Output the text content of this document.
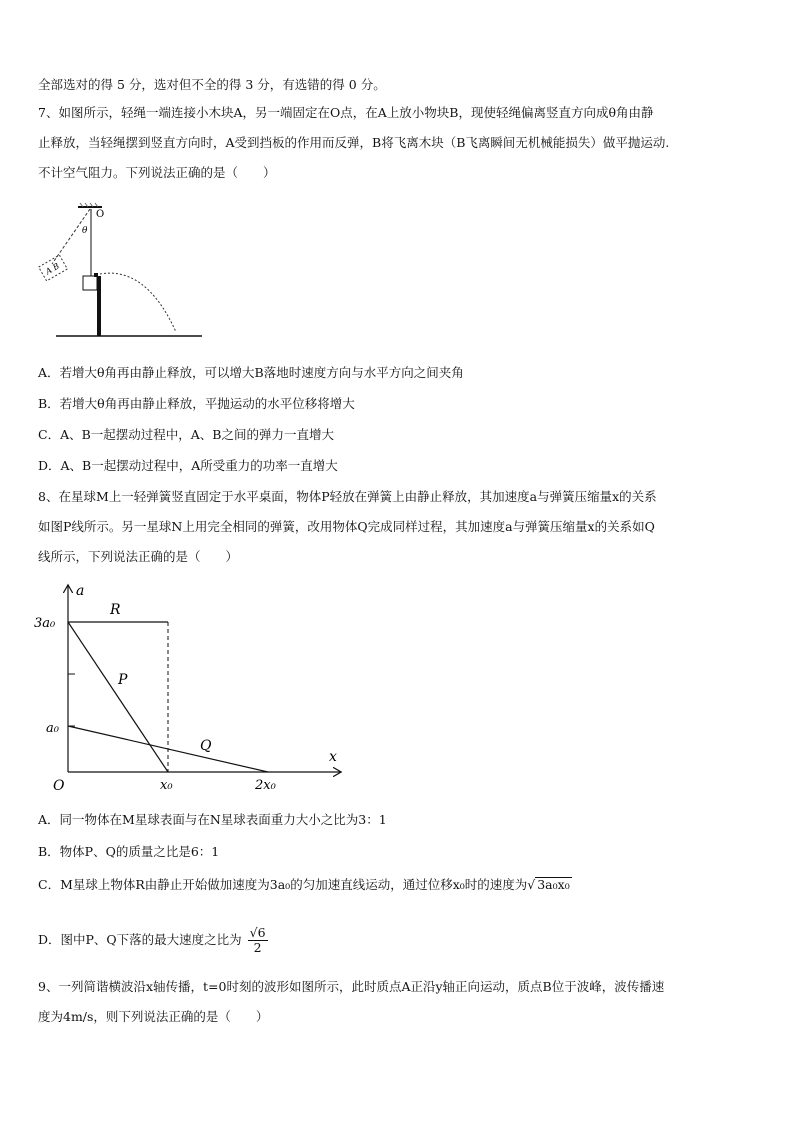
全部选对的得 5 分，选对但不全的得 3 分，有选错的得 0 分。
7、如图所示，轻绳一端连接小木块A，另一端固定在O点，在A上放小物块B，现使轻绳偏离竖直方向成θ角由静
止释放，当轻绳摆到竖直方向时，A受到挡板的作用而反弹，B将飞离木块（B飞离瞬间无机械能损失）做平抛运动.
不计空气阻力。下列说法正确的是（　　）
O
θ
A B
A．若增大θ角再由静止释放，可以增大B落地时速度方向与水平方向之间夹角
B．若增大θ角再由静止释放，平抛运动的水平位移将增大
C．A、B一起摆动过程中，A、B之间的弹力一直增大
D．A、B一起摆动过程中，A所受重力的功率一直增大
8、在星球M上一轻弹簧竖直固定于水平桌面，物体P轻放在弹簧上由静止释放，其加速度a与弹簧压缩量x的关系
如图P线所示。另一星球N上用完全相同的弹簧，改用物体Q完成同样过程，其加速度a与弹簧压缩量x的关系如Q
线所示，下列说法正确的是（　　）
a
x
O
3a₀
a₀
x₀	2x₀
R
P
Q
A．同一物体在M星球表面与在N星球表面重力大小之比为3：1
B．物体P、Q的质量之比是6：1
C．M星球上物体R由静止开始做加速度为3a₀的匀加速直线运动，通过位移x₀时的速度为√ 3a₀x₀
D．图中P、Q下落的最大速度之比为 $\frac{√6}{2}$
9、一列简谐横波沿x轴传播，t=0时刻的波形如图所示，此时质点A正沿y轴正向运动，质点B位于波峰，波传播速
度为4m/s，则下列说法正确的是（　　）
